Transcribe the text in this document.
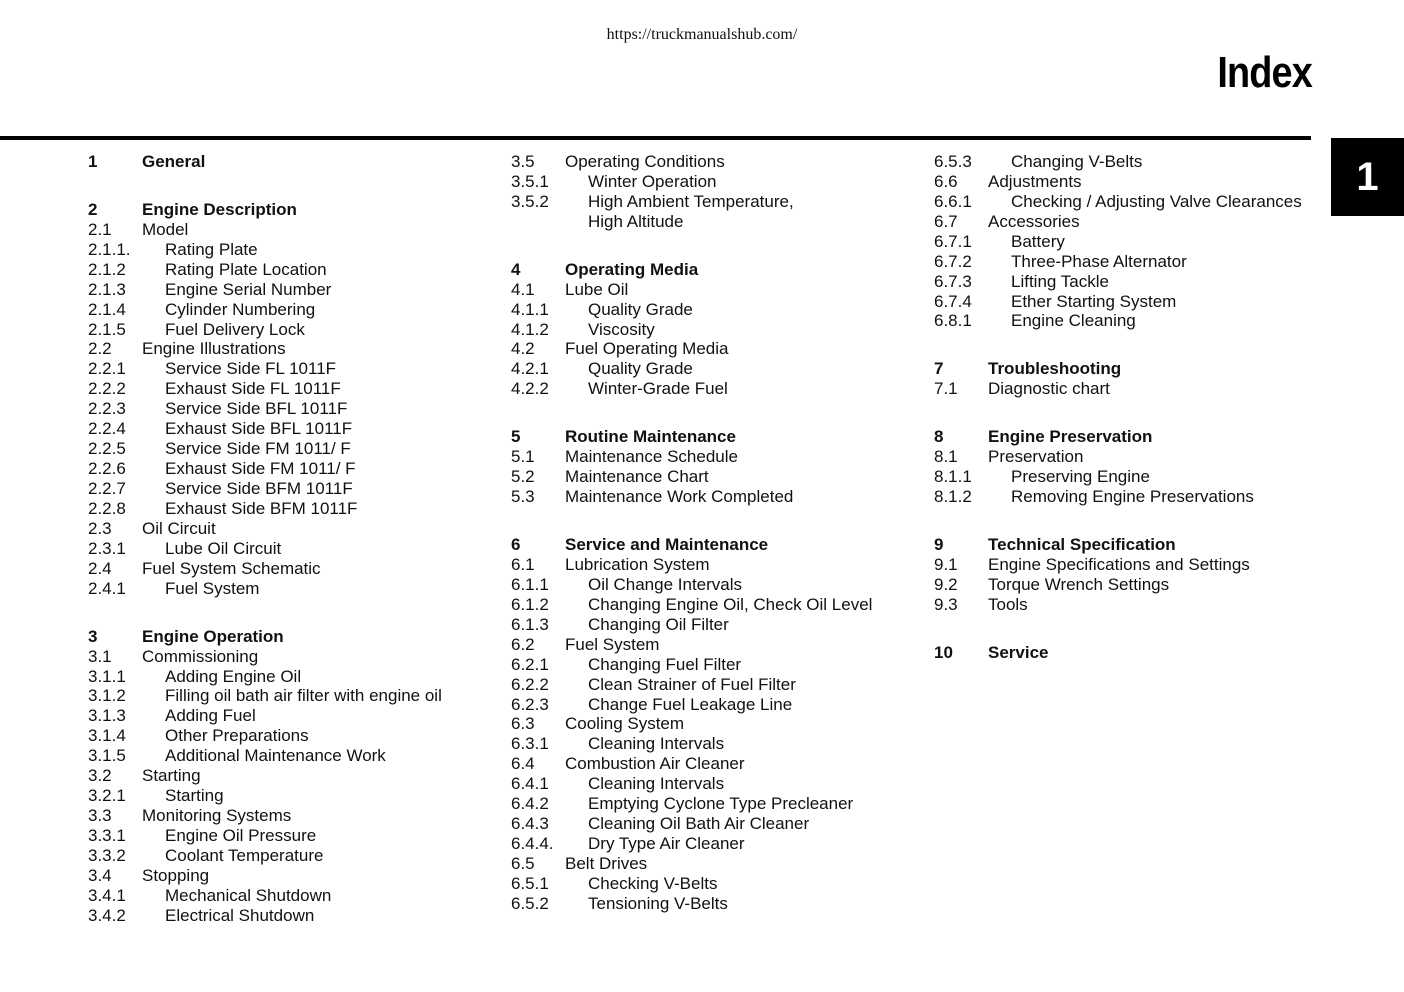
https://truckmanualshub.com/
Index
1
1	General
2	Engine Description
2.1	Model
2.1.1.	Rating Plate
2.1.2	Rating Plate Location
2.1.3	Engine Serial Number
2.1.4	Cylinder Numbering
2.1.5	Fuel Delivery Lock
2.2	Engine Illustrations
2.2.1	Service Side FL 1011F
2.2.2	Exhaust Side FL 1011F
2.2.3	Service Side BFL 1011F
2.2.4	Exhaust Side BFL 1011F
2.2.5	Service Side FM 1011/ F
2.2.6	Exhaust Side FM 1011/ F
2.2.7	Service Side BFM 1011F
2.2.8	Exhaust Side BFM 1011F
2.3	Oil Circuit
2.3.1	Lube Oil Circuit
2.4	Fuel System Schematic
2.4.1	Fuel System
3	Engine Operation
3.1	Commissioning
3.1.1	Adding Engine Oil
3.1.2	Filling oil bath air filter with engine oil
3.1.3	Adding Fuel
3.1.4	Other Preparations
3.1.5	Additional Maintenance Work
3.2	Starting
3.2.1	Starting
3.3	Monitoring Systems
3.3.1	Engine Oil Pressure
3.3.2	Coolant Temperature
3.4	Stopping
3.4.1	Mechanical Shutdown
3.4.2	Electrical Shutdown
3.5	Operating Conditions
3.5.1	Winter Operation
3.5.2	High Ambient Temperature,
High Altitude
4	Operating Media
4.1	Lube Oil
4.1.1	Quality Grade
4.1.2	Viscosity
4.2	Fuel Operating Media
4.2.1	Quality Grade
4.2.2	Winter-Grade Fuel
5	Routine Maintenance
5.1	Maintenance Schedule
5.2	Maintenance Chart
5.3	Maintenance Work Completed
6	Service and Maintenance
6.1	Lubrication System
6.1.1	Oil Change Intervals
6.1.2	Changing Engine Oil, Check Oil Level
6.1.3	Changing Oil Filter
6.2	Fuel System
6.2.1	Changing Fuel Filter
6.2.2	Clean Strainer of Fuel Filter
6.2.3	Change Fuel Leakage Line
6.3	Cooling System
6.3.1	Cleaning Intervals
6.4	Combustion Air Cleaner
6.4.1	Cleaning Intervals
6.4.2	Emptying Cyclone Type Precleaner
6.4.3	Cleaning Oil Bath Air Cleaner
6.4.4.	Dry Type Air Cleaner
6.5	Belt Drives
6.5.1	Checking V-Belts
6.5.2	Tensioning V-Belts
6.5.3	Changing V-Belts
6.6	Adjustments
6.6.1	Checking / Adjusting Valve Clearances
6.7	Accessories
6.7.1	Battery
6.7.2	Three-Phase Alternator
6.7.3	Lifting Tackle
6.7.4	Ether Starting System
6.8.1	Engine Cleaning
7	Troubleshooting
7.1	Diagnostic chart
8	Engine Preservation
8.1	Preservation
8.1.1	Preserving Engine
8.1.2	Removing Engine Preservations
9	Technical Specification
9.1	Engine Specifications and Settings
9.2	Torque Wrench Settings
9.3	Tools
10	Service
